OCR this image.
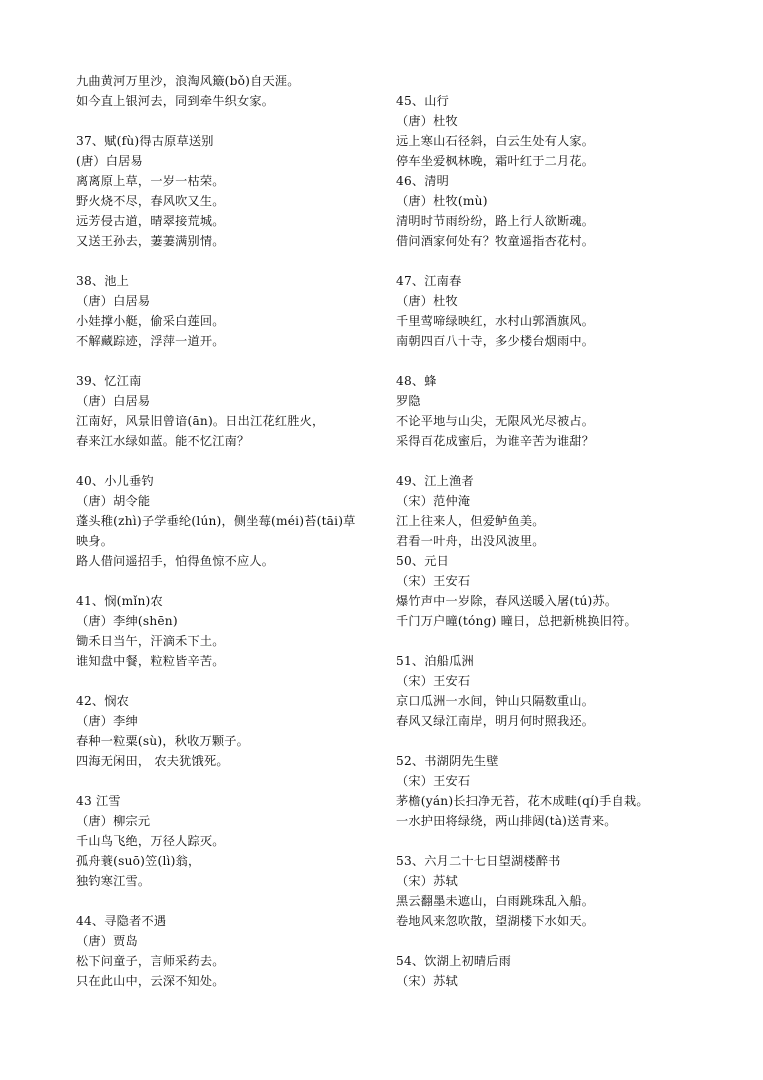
九曲黄河万里沙，浪淘风簸(bǒ)自天涯。
如今直上银河去，同到牵牛织女家。
37、赋(fù)得古原草送别
(唐）白居易
离离原上草，一岁一枯荣。
野火烧不尽，春风吹又生。
远芳侵古道，晴翠接荒城。
又送王孙去，萋萋满别情。
38、池上
（唐）白居易
小娃撑小艇，偷采白莲回。
不解藏踪迹，浮萍一道开。
39、忆江南
（唐）白居易
江南好，风景旧曾谙(ān)。日出江花红胜火，
春来江水绿如蓝。能不忆江南？
40、小儿垂钓
（唐）胡令能
蓬头稚(zhì)子学垂纶(lún)，侧坐莓(méi)苔(tāi)草
映身。
路人借问遥招手，怕得鱼惊不应人。
41、悯(mǐn)农
（唐）李绅(shēn)
锄禾日当午，汗滴禾下土。
谁知盘中餐，粒粒皆辛苦。
42、悯农
（唐）李绅
春种一粒粟(sù)，秋收万颗子。
四海无闲田， 农夫犹饿死。
43 江雪
（唐）柳宗元
千山鸟飞绝，万径人踪灭。
孤舟蓑(suō)笠(lì)翁，
独钓寒江雪。
44、寻隐者不遇
（唐）贾岛
松下问童子，言师采药去。
只在此山中，云深不知处。
45、山行
（唐）杜牧
远上寒山石径斜，白云生处有人家。
停车坐爱枫林晚，霜叶红于二月花。
46、清明
（唐）杜牧(mù)
清明时节雨纷纷，路上行人欲断魂。
借问酒家何处有？牧童遥指杏花村。
47、江南春
（唐）杜牧
千里莺啼绿映红，水村山郭酒旗风。
南朝四百八十寺，多少楼台烟雨中。
48、蜂
罗隐
不论平地与山尖，无限风光尽被占。
采得百花成蜜后，为谁辛苦为谁甜？
49、江上渔者
（宋）范仲淹
江上往来人，但爱鲈鱼美。
君看一叶舟，出没风波里。
50、元日
（宋）王安石
爆竹声中一岁除，春风送暖入屠(tú)苏。
千门万户曈(tóng) 曈日，总把新桃换旧符。
51、泊船瓜洲
（宋）王安石
京口瓜洲一水间，钟山只隔数重山。
春风又绿江南岸，明月何时照我还。
52、书湖阴先生壁
（宋）王安石
茅檐(yán)长扫净无苔，花木成畦(qí)手自栽。
一水护田将绿绕，两山排闼(tà)送青来。
53、六月二十七日望湖楼醉书
（宋）苏轼
黑云翻墨未遮山，白雨跳珠乱入船。
卷地风来忽吹散，望湖楼下水如天。
54、饮湖上初晴后雨
（宋）苏轼
